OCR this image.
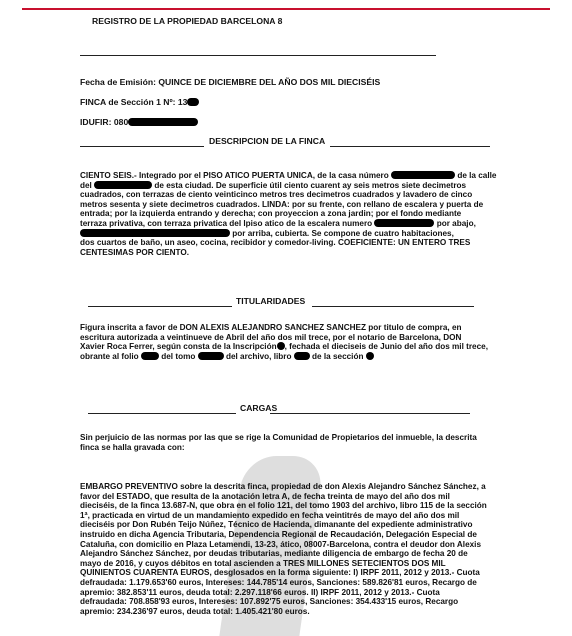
REGISTRO DE LA PROPIEDAD BARCELONA 8
Fecha de Emisión: QUINCE DE DICIEMBRE DEL AÑO DOS MIL DIECISÉIS
FINCA de Sección 1 Nº: 13
IDUFIR: 080
DESCRIPCION DE LA FINCA

CIENTO SEIS.- Integrado por el PISO ATICO PUERTA UNICA, de la casa número	de la calle

del	de esta ciudad. De superficie útil ciento cuarent ay seis metros siete decimetros

cuadrados, con terrazas de ciento veinticinco metros tres decimetros cuadrados y lavadero de cinco

metros sesenta y siete decimetros cuadrados. LINDA: por su frente, con rellano de escalera y puerta de

entrada; por la izquierda entrando y derecha; con proyeccion a zona jardin; por el fondo mediante

terraza privativa, con terraza privatica del lpiso atico de la escalera numero	por abajo,

por arriba, cubierta. Se compone de cuatro habitaciones,

dos cuartos de baño, un aseo, cocina, recibidor y comedor-living. COEFICIENTE: UN ENTERO TRES

CENTESIMAS POR CIENTO.

TITULARIDADES

Figura inscrita a favor de DON ALEXIS ALEJANDRO SANCHEZ SANCHEZ por titulo de compra, en

escritura autorizada a veintinueve de Abril del año dos mil trece, por el notario de Barcelona, DON

Xavier Roca Ferrer, según consta de la Inscripción , fechada el dieciseis de Junio del año dos mil trece,

obrante al folio	del tomo	del archivo, libro	de la sección

CARGAS

Sin perjuicio de las normas por las que se rige la Comunidad de Propietarios del inmueble, la descrita

finca se halla gravada con:

EMBARGO PREVENTIVO sobre la descrita finca, propiedad de don Alexis Alejandro Sánchez Sánchez, a

favor del ESTADO, que resulta de la anotación letra A, de fecha treinta de mayo del año dos mil

dieciséis, de la finca 13.687-N, que obra en el folio 121, del tomo 1903 del archivo, libro 115 de la sección

1ª, practicada en virtud de un mandamiento expedido en fecha veintitrés de mayo del año dos mil

dieciséis por Don Rubén Teijo Núñez, Técnico de Hacienda, dimanante del expediente administrativo

instruido en dicha Agencia Tributaria, Dependencia Regional de Recaudación, Delegación Especial de

Cataluña, con domicilio en Plaza Letamendi, 13-23, ático, 08007-Barcelona, contra el deudor don Alexis

Alejandro Sánchez Sánchez, por deudas tributarias, mediante diligencia de embargo de fecha 20 de

mayo de 2016, y cuyos débitos en total ascienden a TRES MILLONES SETECIENTOS DOS MIL

QUINIENTOS CUARENTA EUROS, desglosados en la forma siguiente: I) IRPF 2011, 2012 y 2013.- Cuota

defraudada: 1.179.653'60 euros, Intereses: 144.785'14 euros, Sanciones: 589.826'81 euros, Recargo de

apremio: 382.853'11 euros, deuda total: 2.297.118'66 euros. II) IRPF 2011, 2012 y 2013.- Cuota

defraudada: 708.858'93 euros, Intereses: 107.892'75 euros, Sanciones: 354.433'15 euros, Recargo

apremio: 234.236'97 euros, deuda total: 1.405.421'80 euros.
